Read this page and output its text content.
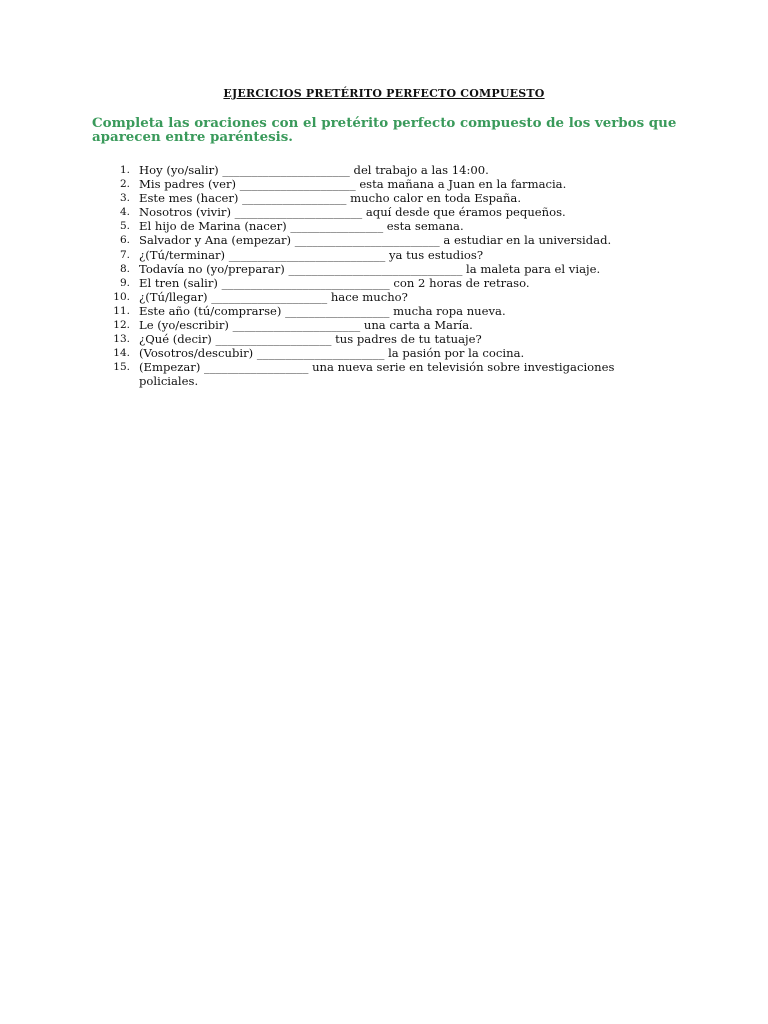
EJERCICIOS PRETÉRITO PERFECTO COMPUESTO
Completa las oraciones con el pretérito perfecto compuesto de los verbos que aparecen entre paréntesis.
1. Hoy (yo/salir) ______________________ del trabajo a las 14:00.
2. Mis padres (ver) ____________________ esta mañana a Juan en la farmacia.
3. Este mes (hacer) __________________ mucho calor en toda España.
4. Nosotros (vivir) ______________________ aquí desde que éramos pequeños.
5. El hijo de Marina (nacer) ________________ esta semana.
6. Salvador y Ana (empezar) _________________________ a estudiar en la universidad.
7. ¿(Tú/terminar) ___________________________ ya tus estudios?
8. Todavía no (yo/preparar) ______________________________ la maleta para el viaje.
9. El tren (salir) _____________________________ con 2 horas de retraso.
10. ¿(Tú/llegar) ____________________ hace mucho?
11. Este año (tú/comprarse) __________________ mucha ropa nueva.
12. Le (yo/escribir) ______________________ una carta a María.
13. ¿Qué (decir) ____________________ tus padres de tu tatuaje?
14. (Vosotros/descubir) ______________________ la pasión por la cocina.
15. (Empezar) __________________ una nueva serie en televisión sobre investigaciones policiales.
